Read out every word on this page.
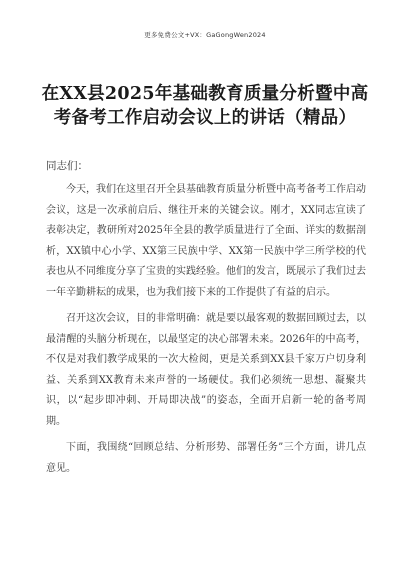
更多免费公文+VX：GaGongWen2024
在XX县2025年基础教育质量分析暨中高考备考工作启动会议上的讲话（精品）
同志们：

今天，我们在这里召开全县基础教育质量分析暨中高考备考工作启动会议，这是一次承前启后、继往开来的关键会议。刚才，XX同志宣读了表彰决定，教研所对2025年全县的教学质量进行了全面、详实的数据剖析，XX镇中心小学、XX第三民族中学、XX第一民族中学三所学校的代表也从不同维度分享了宝贵的实践经验。他们的发言，既展示了我们过去一年辛勤耕耘的成果，也为我们接下来的工作提供了有益的启示。

召开这次会议，目的非常明确：就是要以最客观的数据回顾过去，以最清醒的头脑分析现在，以最坚定的决心部署未来。2026年的中高考，不仅是对我们教学成果的一次大检阅，更是关系到XX县千家万户切身利益、关系到XX教育未来声誉的一场硬仗。我们必须统一思想、凝聚共识，以“起步即冲刺、开局即决战”的姿态，全面开启新一轮的备考周期。

下面，我围绕“回顾总结、分析形势、部署任务”三个方面，讲几点意见。
